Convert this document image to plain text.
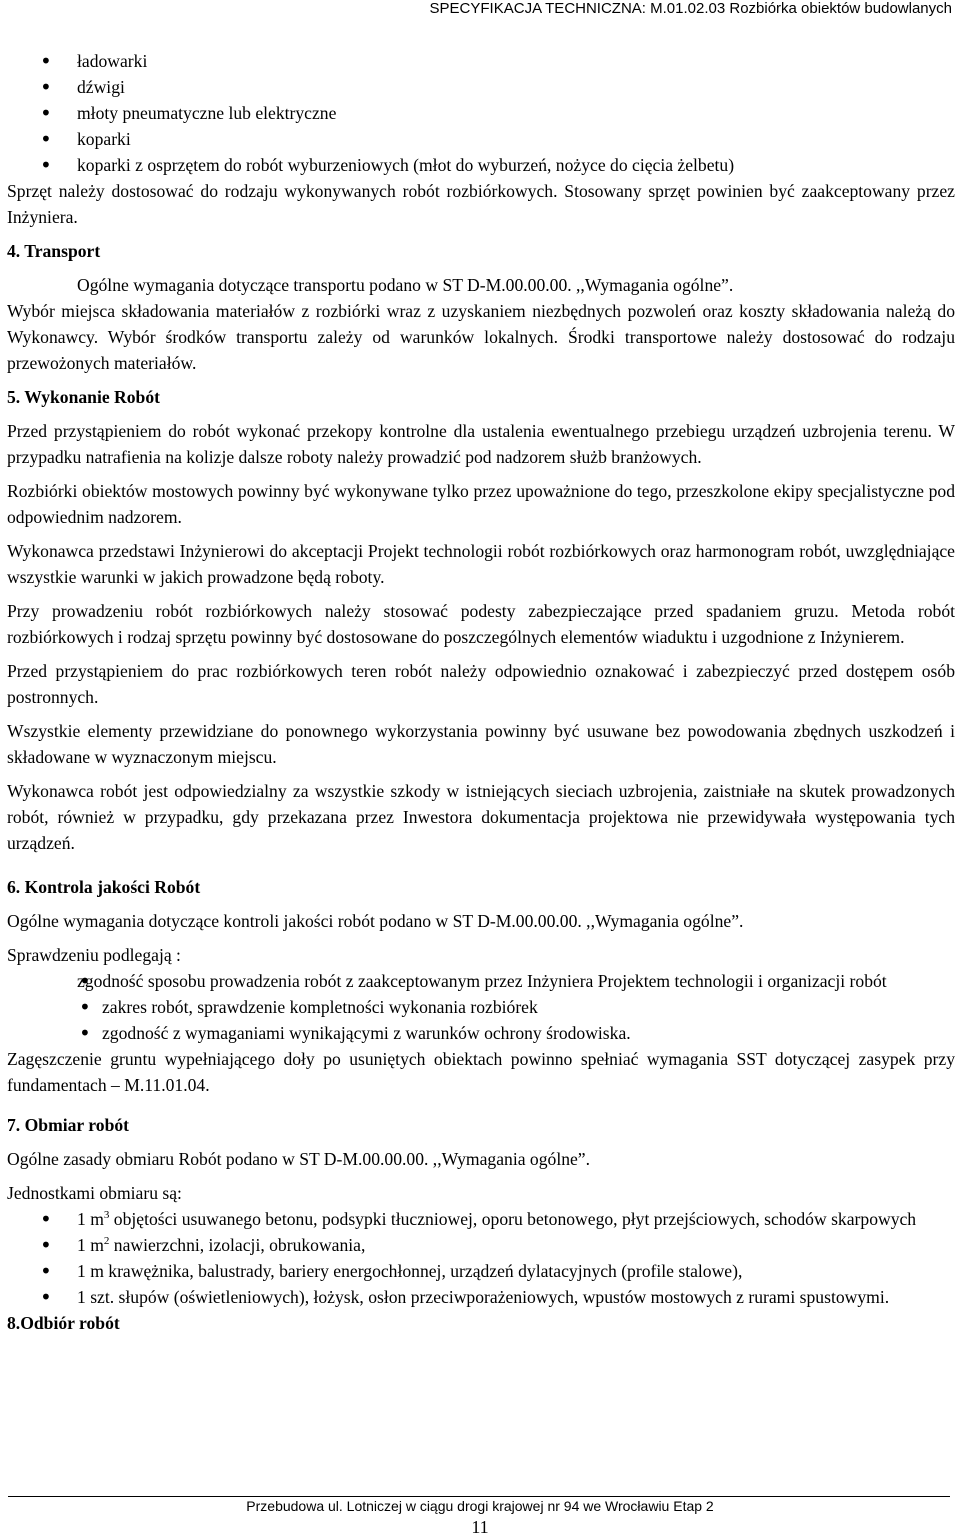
SPECYFIKACJA TECHNICZNA: M.01.02.03 Rozbiórka obiektów budowlanych
• ładowarki
• dźwigi
• młoty pneumatyczne lub elektryczne
• koparki
• koparki z osprzętem do robót wyburzeniowych (młot do wyburzeń, nożyce do cięcia żelbetu)

Sprzęt należy dostosować do rodzaju wykonywanych robót rozbiórkowych. Stosowany sprzęt powinien być zaakceptowany przez Inżyniera.

4. Transport

Ogólne wymagania dotyczące transportu podano w ST D-M.00.00.00. ,,Wymagania ogólne”.

Wybór miejsca składowania materiałów z rozbiórki wraz z uzyskaniem niezbędnych pozwoleń oraz koszty składowania należą do Wykonawcy. Wybór środków transportu zależy od warunków lokalnych. Środki transportowe należy dostosować do rodzaju przewożonych materiałów.

5. Wykonanie Robót

Przed przystąpieniem do robót wykonać przekopy kontrolne dla ustalenia ewentualnego przebiegu urządzeń uzbrojenia terenu. W przypadku natrafienia na kolizje dalsze roboty należy prowadzić pod nadzorem służb branżowych.

Rozbiórki obiektów mostowych powinny być wykonywane tylko przez upoważnione do tego, przeszkolone ekipy specjalistyczne pod odpowiednim nadzorem.

Wykonawca przedstawi Inżynierowi do akceptacji Projekt technologii robót rozbiórkowych oraz harmonogram robót, uwzględniające wszystkie warunki w jakich prowadzone będą roboty.

Przy prowadzeniu robót rozbiórkowych należy stosować podesty zabezpieczające przed spadaniem gruzu. Metoda robót rozbiórkowych i rodzaj sprzętu powinny być dostosowane do poszczególnych elementów wiaduktu i uzgodnione z Inżynierem.

Przed przystąpieniem do prac rozbiórkowych teren robót należy odpowiednio oznakować i zabezpieczyć przed dostępem osób postronnych.

Wszystkie elementy przewidziane do ponownego wykorzystania powinny być usuwane bez powodowania zbędnych uszkodzeń i składowane w wyznaczonym miejscu.

Wykonawca robót jest odpowiedzialny za wszystkie szkody w istniejących sieciach uzbrojenia, zaistniałe na skutek prowadzonych robót, również w przypadku, gdy przekazana przez Inwestora dokumentacja projektowa nie przewidywała występowania tych urządzeń.

6. Kontrola jakości Robót

Ogólne wymagania dotyczące kontroli jakości robót podano w ST D-M.00.00.00. ,,Wymagania ogólne”.

Sprawdzeniu podlegają :

• zgodność sposobu prowadzenia robót z zaakceptowanym przez Inżyniera Projektem technologii i organizacji robót
• zakres robót, sprawdzenie kompletności wykonania rozbiórek
• zgodność z wymaganiami wynikającymi z warunków ochrony środowiska.

Zagęszczenie gruntu wypełniającego doły po usuniętych obiektach powinno spełniać wymagania SST dotyczącej zasypek przy fundamentach – M.11.01.04.

7. Obmiar robót

Ogólne zasady obmiaru Robót podano w ST D-M.00.00.00. ,,Wymagania ogólne”.

Jednostkami obmiaru są:

• 1 $m^3$ objętości usuwanego betonu, podsypki tłuczniowej, oporu betonowego, płyt przejściowych, schodów skarpowych
• 1 $m^2$ nawierzchni, izolacji, obrukowania,
• 1 m krawężnika, balustrady, bariery energochłonnej, urządzeń dylatacyjnych (profile stalowe),
• 1 szt. słupów (oświetleniowych), łożysk, osłon przeciwporażeniowych, wpustów mostowych z rurami spustowymi.
8.Odbiór robót
Przebudowa ul. Lotniczej w ciągu drogi krajowej nr 94 we Wrocławiu Etap 2
11
